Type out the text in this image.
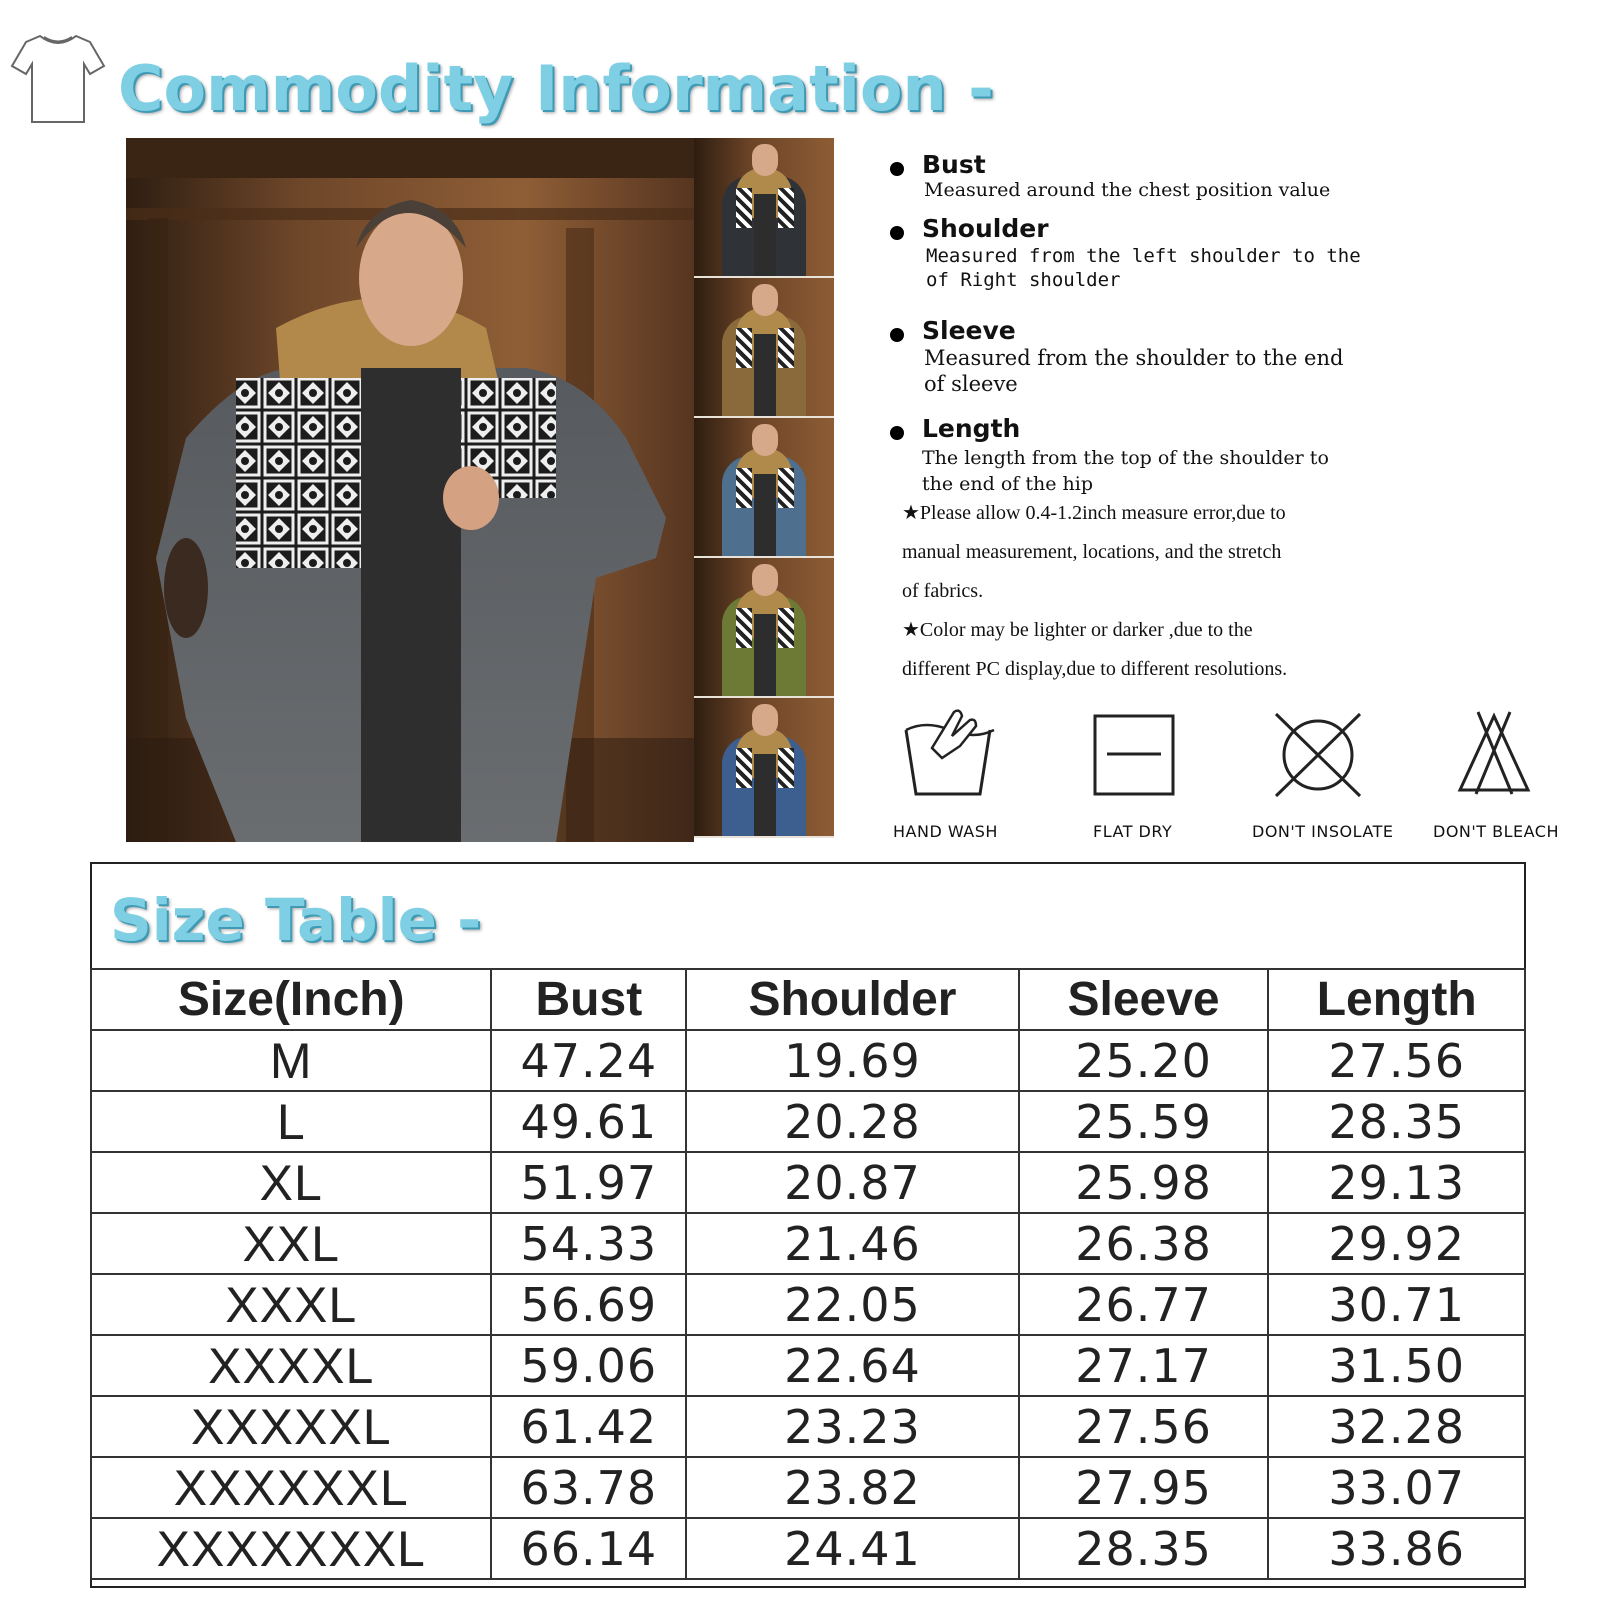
Commodity Information -
Bust
Measured around the chest position value
Shoulder
Measured from the left shoulder to the
of Right shoulder
Sleeve
Measured from the shoulder to the end
of sleeve
Length
The length from the top of the shoulder to
the end of the hip
★Please allow 0.4-1.2inch measure error,due to
manual measurement, locations, and the stretch
of fabrics.
★Color may be lighter or darker ,due to the
different PC display,due to different resolutions.
HAND WASH	FLAT DRY	DON'T INSOLATE DON'T BLEACH
Size Table -
Size(Inch)	Bust	Shoulder	Sleeve	Length
M	47.24	19.69	25.20	27.56
L	49.61	20.28	25.59	28.35
XL	51.97	20.87	25.98	29.13
XXL	54.33	21.46	26.38	29.92
XXXL	56.69	22.05	26.77	30.71
XXXXL	59.06	22.64	27.17	31.50
XXXXXL	61.42	23.23	27.56	32.28
XXXXXXL	63.78	23.82	27.95	33.07
XXXXXXXL	66.14	24.41	28.35	33.86
